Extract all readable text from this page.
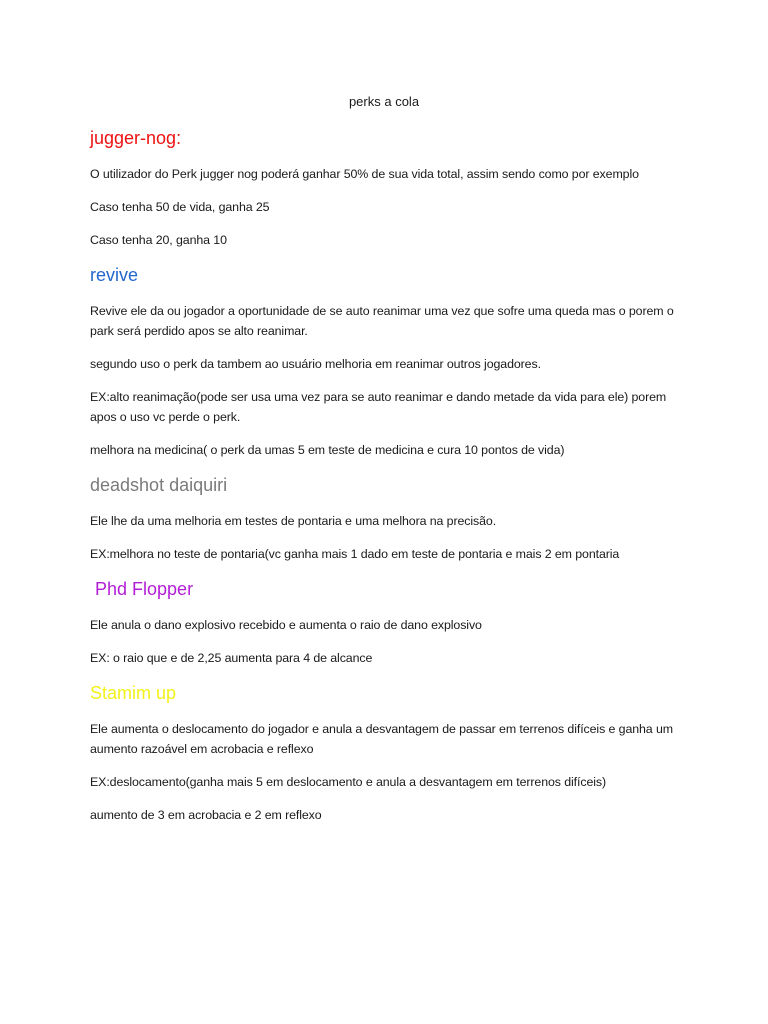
perks a cola
jugger-nog:
O utilizador do Perk jugger nog poderá ganhar 50% de sua vida total, assim sendo como por exemplo
Caso tenha 50 de vida, ganha 25
Caso tenha 20, ganha 10
revive
Revive ele da ou jogador a oportunidade de se auto reanimar uma vez que sofre uma queda mas o porem o park será perdido apos se alto reanimar.
segundo uso o perk da tambem ao usuário melhoria em reanimar outros jogadores.
EX:alto reanimação(pode ser usa uma vez para se auto reanimar e dando metade da vida para ele) porem apos o uso vc perde o perk.
melhora na medicina( o perk da umas 5 em teste de medicina e cura 10 pontos de vida)
deadshot daiquiri
Ele lhe da uma melhoria em testes de pontaria e uma melhora na precisão.
EX:melhora no teste de pontaria(vc ganha mais 1 dado em teste de pontaria e mais 2 em pontaria
Phd Flopper
Ele anula o dano explosivo recebido e aumenta o raio de dano explosivo
EX: o raio que e de 2,25 aumenta para 4 de alcance
Stamim up
Ele aumenta o deslocamento do jogador e anula a desvantagem de passar em terrenos difíceis e ganha um aumento razoável em acrobacia e reflexo
EX:deslocamento(ganha mais 5 em deslocamento e anula a desvantagem em terrenos difíceis)
aumento de 3 em acrobacia e 2 em reflexo
